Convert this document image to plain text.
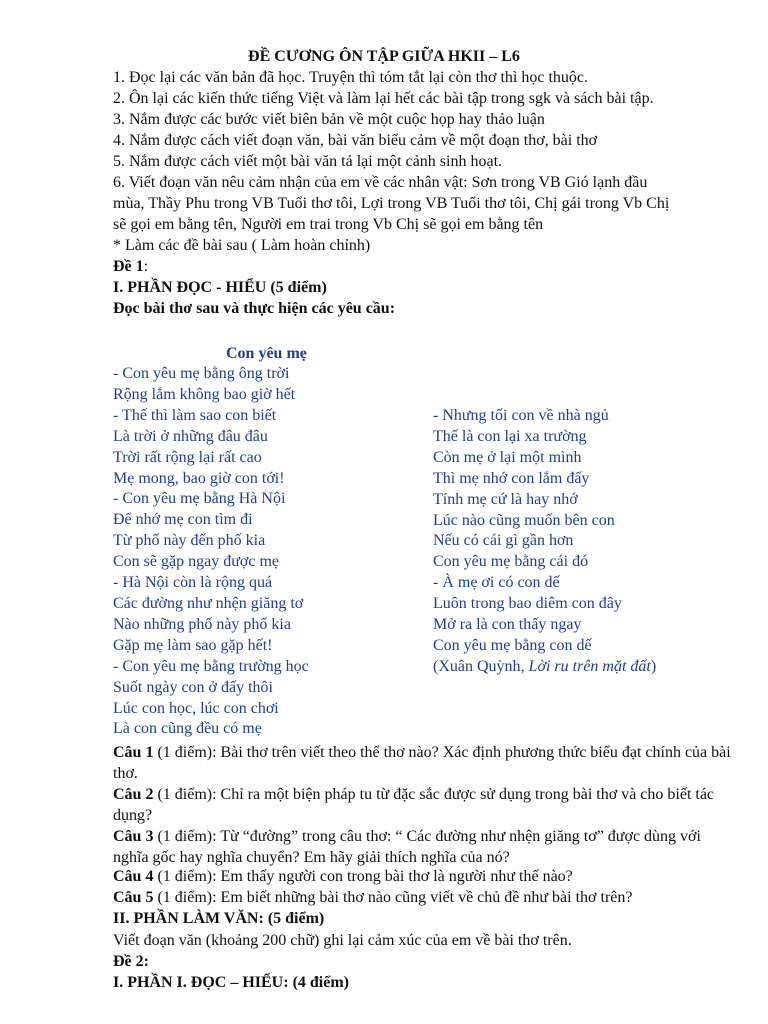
ĐỀ CƯƠNG ÔN TẬP GIỮA HKII – L6
1. Đọc lại các văn bản đã học. Truyện thì tóm tắt lại còn thơ thì học thuộc.
2. Ôn lại các kiến thức tiếng Việt và làm lại hết các bài tập trong sgk và sách bài tập.
3. Nắm được các bước viết biên bản về một cuộc họp hay thảo luận
4. Nắm được cách viết đoạn văn, bài văn biểu cảm về một đoạn thơ, bài thơ
5. Nắm được cách viết một bài văn tả lại một cảnh sinh hoạt.
6. Viết đoạn văn nêu cảm nhận của em về các nhân vật: Sơn trong VB Gió lạnh đầu
mùa, Thầy Phu trong VB Tuổi thơ tôi, Lợi trong VB Tuổi thơ tôi, Chị gái trong Vb Chị
sẽ gọi em bằng tên, Người em trai trong Vb Chị sẽ gọi em bằng tên
* Làm các đề bài sau ( Làm hoàn chỉnh)
Đề 1:
I. PHẦN ĐỌC - HIỂU (5 điểm)
Đọc bài thơ sau và thực hiện các yêu cầu:
Con yêu mẹ
- Con yêu mẹ bằng ông trời
Rộng lắm không bao giờ hết
- Thế thì làm sao con biết
Là trời ở những đâu đâu
Trời rất rộng lại rất cao
Mẹ mong, bao giờ con tới!
- Con yêu mẹ bằng Hà Nội
Để nhớ mẹ con tìm đi
Từ phố này đến phố kia
Con sẽ gặp ngay được mẹ
- Hà Nội còn là rộng quá
Các đường như nhện giăng tơ
Nào những phố này phố kia
Gặp mẹ làm sao gặp hết!
- Con yêu mẹ bằng trường học
Suốt ngày con ở đấy thôi
Lúc con học, lúc con chơi
Là con cũng đều có mẹ
- Nhưng tối con về nhà ngủ
Thế là con lại xa trường
Còn mẹ ở lại một mình
Thì mẹ nhớ con lắm đấy
Tính mẹ cứ là hay nhớ
Lúc nào cũng muốn bên con
Nếu có cái gì gần hơn
Con yêu mẹ bằng cái đó
- À mẹ ơi có con dế
Luôn trong bao diêm con đây
Mở ra là con thấy ngay
Con yêu mẹ bằng con dế
(Xuân Quỳnh, Lời ru trên mặt đất)
Câu 1 (1 điểm): Bài thơ trên viết theo thể thơ nào? Xác định phương thức biểu đạt chính của bài thơ.
Câu 2 (1 điểm): Chỉ ra một biện pháp tu từ đặc sắc được sử dụng trong bài thơ và cho biết tác dụng?
Câu 3 (1 điểm): Từ “đường” trong câu thơ: “ Các đường như nhện giăng tơ” được dùng với nghĩa gốc hay nghĩa chuyển? Em hãy giải thích nghĩa của nó?
Câu 4 (1 điểm): Em thấy người con trong bài thơ là người như thế nào?
Câu 5 (1 điểm): Em biết những bài thơ nào cũng viết về chủ đề như bài thơ trên?
II. PHẦN LÀM VĂN: (5 điểm)
Viết đoạn văn (khoảng 200 chữ) ghi lại cảm xúc của em về bài thơ trên.
Đề 2:
I. PHẦN I. ĐỌC – HIỂU: (4 điểm)
